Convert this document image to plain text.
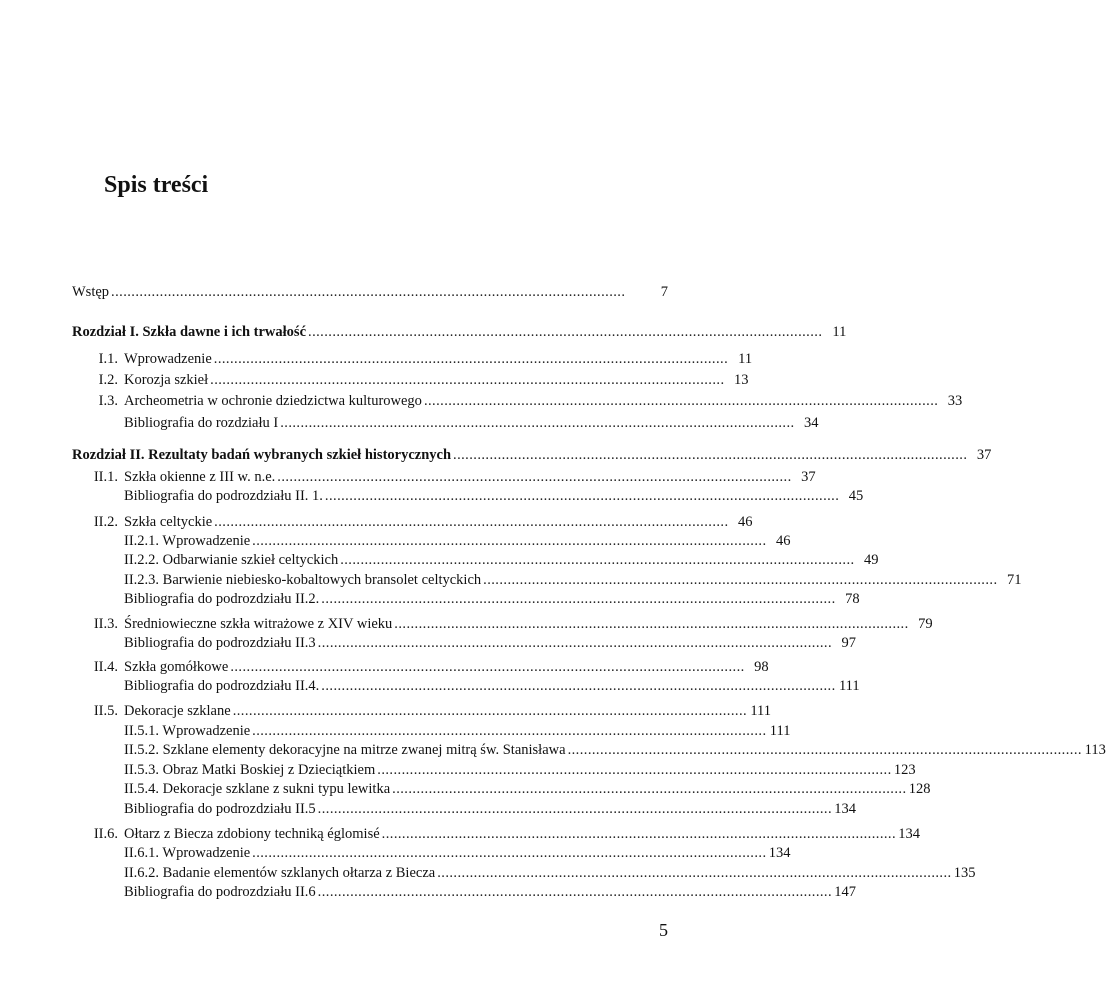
Spis treści
Wstęp . . .	7
Rozdział I. Szkła dawne i ich trwałość . . .	11
I.1. Wprowadzenie . . .	11
I.2. Korozja szkieł . . .	13
I.3. Archeometria w ochronie dziedzictwa kulturowego . . .	33
Bibliografia do rozdziału I . . .	34
Rozdział II. Rezultaty badań wybranych szkieł historycznych . . .	37
II.1. Szkła okienne z III w. n.e. . . .	37
Bibliografia do podrozdziału II. 1. . . .	45
II.2. Szkła celtyckie . . .	46
II.2.1. Wprowadzenie . . .	46
II.2.2. Odbarwianie szkieł celtyckich . . .	49
II.2.3. Barwienie niebiesko-kobaltowych bransolet celtyckich . . .	71
Bibliografia do podrozdziału II.2. . . .	78
II.3. Średniowieczne szkła witrażowe z XIV wieku . . .	79
Bibliografia do podrozdziału II.3 . . .	97
II.4. Szkła gomółkowe . . .	98
Bibliografia do podrozdziału II.4. . . .	111
II.5. Dekoracje szklane . . .	111
II.5.1. Wprowadzenie . . .	111
II.5.2. Szklane elementy dekoracyjne na mitrze zwanej mitrą św. Stanisława . . .	113
II.5.3. Obraz Matki Boskiej z Dzieciątkiem . . .	123
II.5.4. Dekoracje szklane z sukni typu lewitka . . .	128
Bibliografia do podrozdziału II.5 . . .	134
II.6. Ołtarz z Biecza zdobiony techniką églomisé . . .	134
II.6.1. Wprowadzenie . . .	134
II.6.2. Badanie elementów szklanych ołtarza z Biecza . . .	135
Bibliografia do podrozdziału II.6 . . .	147

5
